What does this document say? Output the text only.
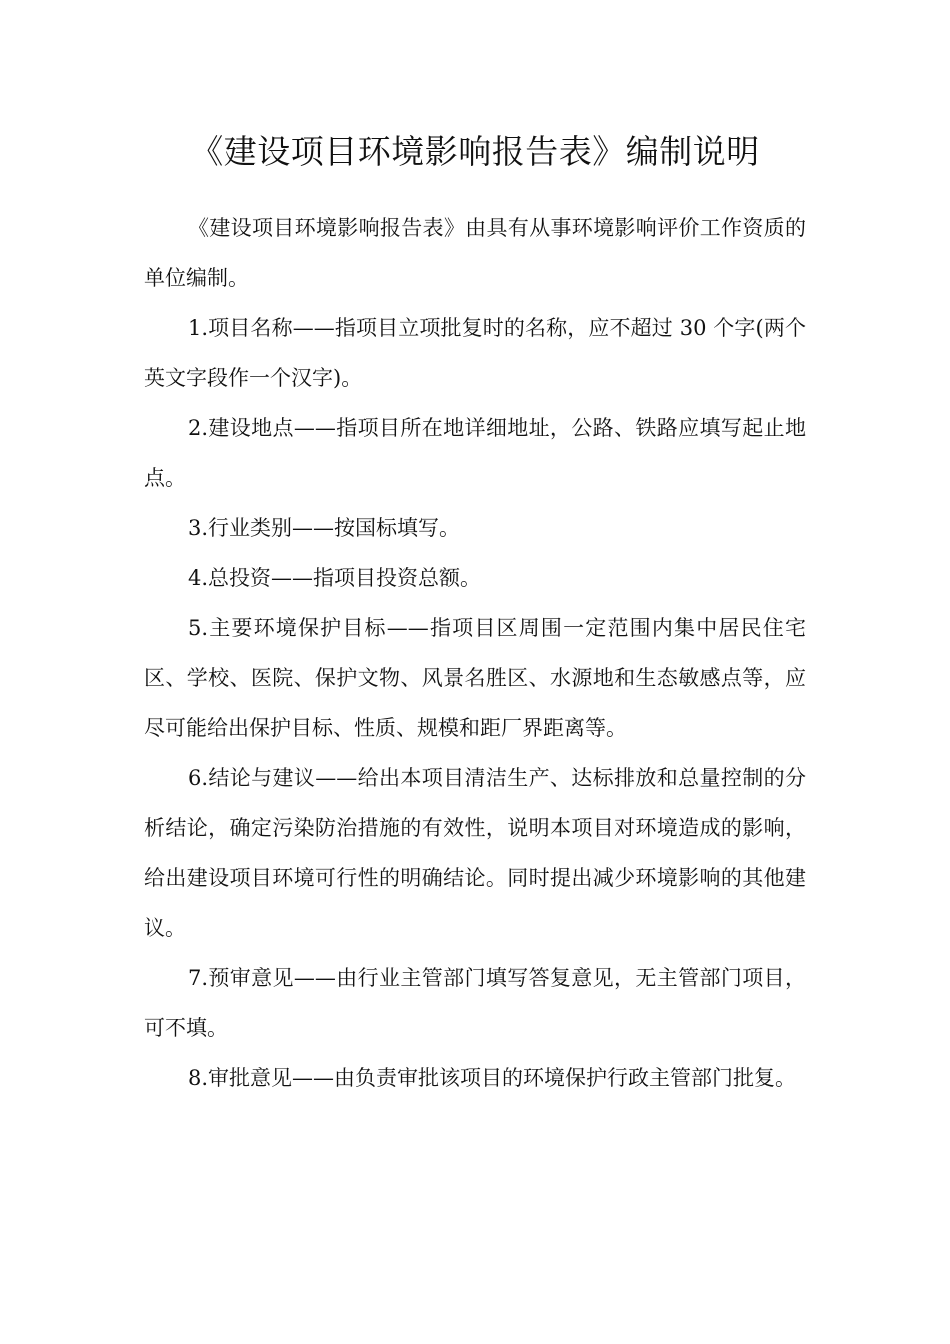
《建设项目环境影响报告表》编制说明

《建设项目环境影响报告表》由具有从事环境影响评价工作资质的单位编制。

1.项目名称——指项目立项批复时的名称，应不超过 30 个字(两个英文字段作一个汉字)。

2.建设地点——指项目所在地详细地址，公路、铁路应填写起止地点。

3.行业类别——按国标填写。

4.总投资——指项目投资总额。

5.主要环境保护目标——指项目区周围一定范围内集中居民住宅区、学校、医院、保护文物、风景名胜区、水源地和生态敏感点等，应尽可能给出保护目标、性质、规模和距厂界距离等。

6.结论与建议——给出本项目清洁生产、达标排放和总量控制的分析结论，确定污染防治措施的有效性，说明本项目对环境造成的影响，给出建设项目环境可行性的明确结论。同时提出减少环境影响的其他建议。

7.预审意见——由行业主管部门填写答复意见，无主管部门项目，可不填。

8.审批意见——由负责审批该项目的环境保护行政主管部门批复。
